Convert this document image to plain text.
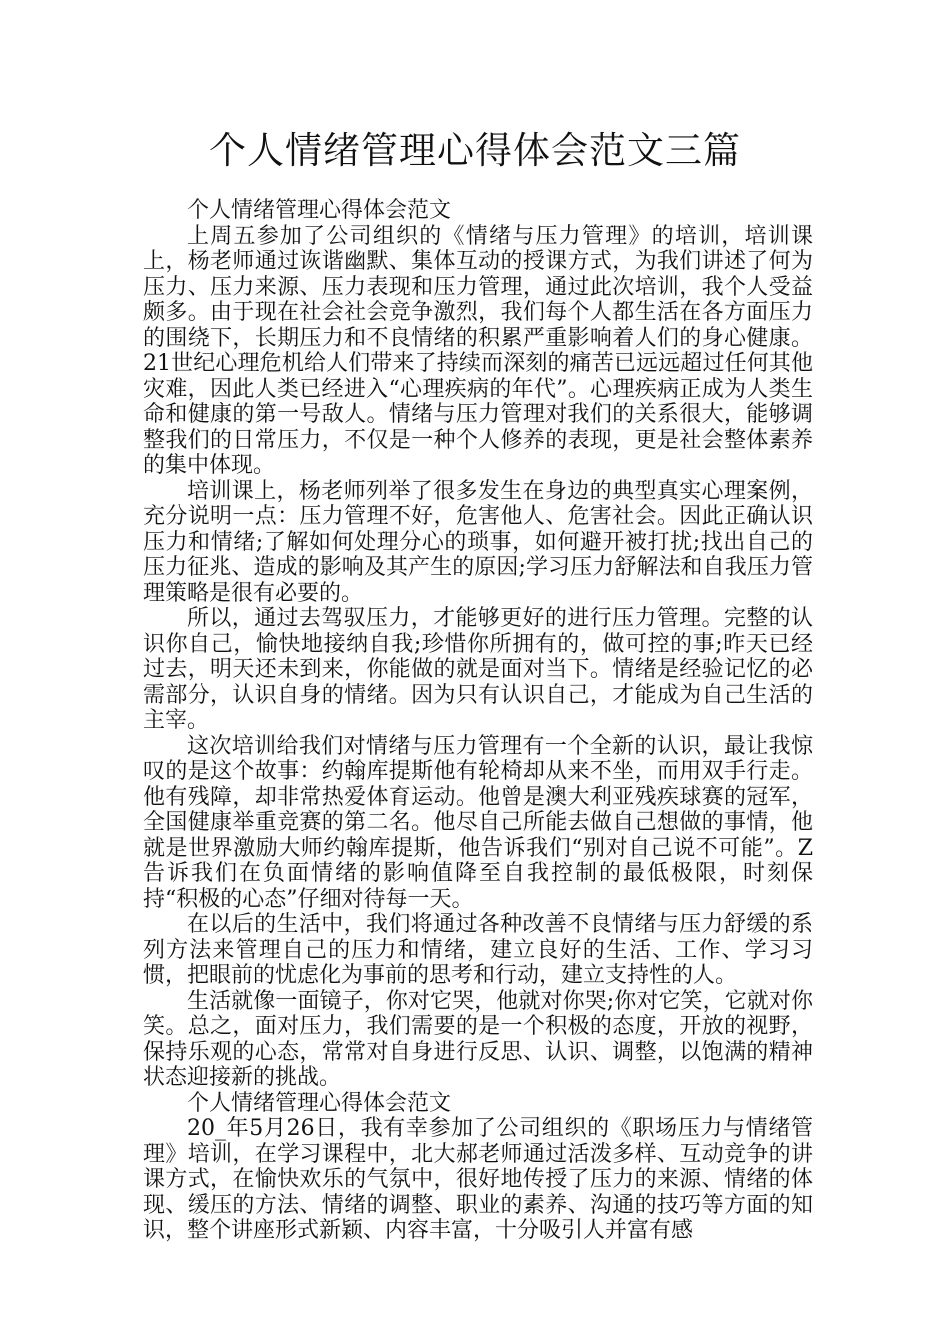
个人情绪管理心得体会范文三篇

个人情绪管理心得体会范文

上周五参加了公司组织的《情绪与压力管理》的培训，培训课上，杨老师通过诙谐幽默、集体互动的授课方式，为我们讲述了何为压力、压力来源、压力表现和压力管理，通过此次培训，我个人受益颇多。由于现在社会社会竞争激烈，我们每个人都生活在各方面压力的围绕下，长期压力和不良情绪的积累严重影响着人们的身心健康。21世纪心理危机给人们带来了持续而深刻的痛苦已远远超过任何其他灾难，因此人类已经进入“心理疾病的年代”。心理疾病正成为人类生命和健康的第一号敌人。情绪与压力管理对我们的关系很大，能够调整我们的日常压力，不仅是一种个人修养的表现，更是社会整体素养的集中体现。

培训课上，杨老师列举了很多发生在身边的典型真实心理案例，充分说明一点：压力管理不好，危害他人、危害社会。因此正确认识压力和情绪;了解如何处理分心的琐事，如何避开被打扰;找出自己的压力征兆、造成的影响及其产生的原因;学习压力舒解法和自我压力管理策略是很有必要的。

所以，通过去驾驭压力，才能够更好的进行压力管理。完整的认识你自己，愉快地接纳自我;珍惜你所拥有的，做可控的事;昨天已经过去，明天还未到来，你能做的就是面对当下。情绪是经验记忆的必需部分，认识自身的情绪。因为只有认识自己，才能成为自己生活的主宰。

这次培训给我们对情绪与压力管理有一个全新的认识，最让我惊叹的是这个故事：约翰库提斯他有轮椅却从来不坐，而用双手行走。他有残障，却非常热爱体育运动。他曾是澳大利亚残疾球赛的冠军，全国健康举重竞赛的第二名。他尽自己所能去做自己想做的事情，他就是世界激励大师约翰库提斯，他告诉我们“别对自己说不可能”。Z告诉我们在负面情绪的影响值降至自我控制的最低极限，时刻保持“积极的心态”仔细对待每一天。

在以后的生活中，我们将通过各种改善不良情绪与压力舒缓的系列方法来管理自己的压力和情绪，建立良好的生活、工作、学习习惯，把眼前的忧虑化为事前的思考和行动，建立支持性的人。

生活就像一面镜子，你对它哭，他就对你哭;你对它笑，它就对你笑。总之，面对压力，我们需要的是一个积极的态度，开放的视野，保持乐观的心态，常常对自身进行反思、认识、调整，以饱满的精神状态迎接新的挑战。

个人情绪管理心得体会范文

20_年5月26日，我有幸参加了公司组织的《职场压力与情绪管理》培训，在学习课程中，北大郝老师通过活泼多样、互动竞争的讲课方式，在愉快欢乐的气氛中，很好地传授了压力的来源、情绪的体现、缓压的方法、情绪的调整、职业的素养、沟通的技巧等方面的知识，整个讲座形式新颖、内容丰富，十分吸引人并富有感
